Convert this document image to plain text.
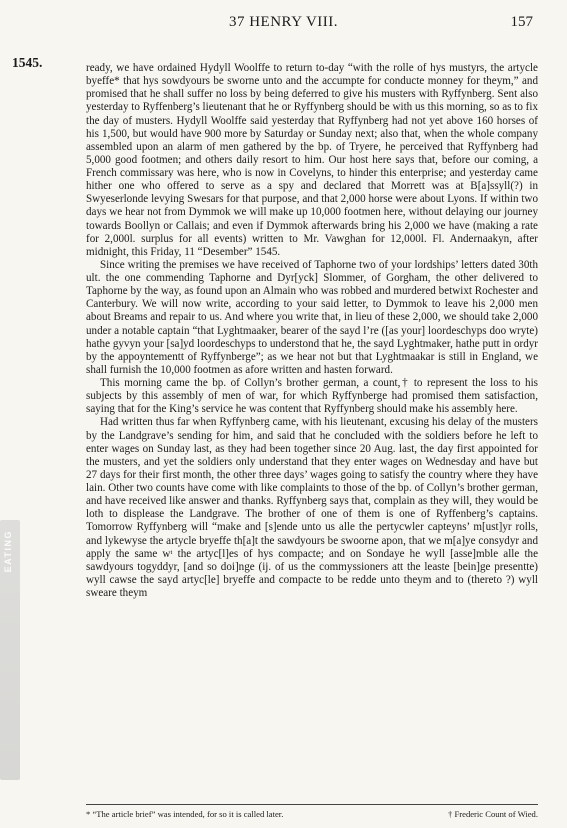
37 HENRY VIII.	157
1545.
EATING

ready, we have ordained Hydyll Woolffe to return to-day “with the rolle of hys mustyrs, the artycle byeffe* that hys sowdyours be sworne unto and the accumpte for conducte monney for theym,” and promised that he shall suffer no loss by being deferred to give his musters with Ryffynberg. Sent also yesterday to Ryffenberg’s lieutenant that he or Ryffynberg should be with us this morning, so as to fix the day of musters. Hydyll Woolffe said yesterday that Ryffynberg had not yet above 160 horses of his 1,500, but would have 900 more by Saturday or Sunday next; also that, when the whole company assembled upon an alarm of men gathered by the bp. of Tryere, he perceived that Ryffynberg had 5,000 good footmen; and others daily resort to him. Our host here says that, before our coming, a French commissary was here, who is now in Covelyns, to hinder this enterprise; and yesterday came hither one who offered to serve as a spy and declared that Morrett was at B[a]ssyll(?) in Swyeserlonde levying Swesars for that purpose, and that 2,000 horse were about Lyons. If within two days we hear not from Dymmok we will make up 10,000 footmen here, without delaying our journey towards Boollyn or Callais; and even if Dymmok afterwards bring his 2,000 we have (making a rate for 2,000l. surplus for all events) written to Mr. Vawghan for 12,000l. Fl. Andernaakyn, after midnight, this Friday, 11 “Desember” 1545.

Since writing the premises we have received of Taphorne two of your lordships’ letters dated 30th ult. the one commending Taphorne and Dyr[yck] Slommer, of Gorgham, the other delivered to Taphorne by the way, as found upon an Almain who was robbed and murdered betwixt Rochester and Canterbury. We will now write, according to your said letter, to Dymmok to leave his 2,000 men about Breams and repair to us. And where you write that, in lieu of these 2,000, we should take 2,000 under a notable captain “that Lyghtmaaker, bearer of the sayd l’re ([as your] loordeschyps doo wryte) hathe gyvyn your [sa]yd loordeschyps to understond that he, the sayd Lyghtmaker, hathe putt in ordyr by the appoyntementt of Ryffynberge”; as we hear not but that Lyghtmaakar is still in England, we shall furnish the 10,000 footmen as afore written and hasten forward.

This morning came the bp. of Collyn’s brother german, a count,† to represent the loss to his subjects by this assembly of men of war, for which Ryffynberge had promised them satisfaction, saying that for the King’s service he was content that Ryffynberg should make his assembly here.

Had written thus far when Ryffynberg came, with his lieutenant, excusing his delay of the musters by the Landgrave’s sending for him, and said that he concluded with the soldiers before he left to enter wages on Sunday last, as they had been together since 20 Aug. last, the day first appointed for the musters, and yet the soldiers only understand that they enter wages on Wednesday and have but 27 days for their first month, the other three days’ wages going to satisfy the country where they have lain. Other two counts have come with like complaints to those of the bp. of Collyn’s brother german, and have received like answer and thanks. Ryffynberg says that, complain as they will, they would be loth to displease the Landgrave. The brother of one of them is one of Ryffenberg’s captains. Tomorrow Ryffynberg will “make and [s]ende unto us alle the pertycwler capteyns’ m[ust]yr rolls, and lykewyse the artycle bryeffe th[a]t the sawdyours be swoorne apon, that we m[a]ye consydyr and apply the same wᵗ the artyc[l]es of hys compacte; and on Sondaye he wyll [asse]mble alle the sawdyours togyddyr, [and so doi]nge (ij. of us the commyssioners att the leaste [bein]ge presentte) wyll cawse the sayd artyc[le] bryeffe and compacte to be redde unto theym and to (thereto ?) wyll sweare theym

* “The article brief” was intended, for so it is called later.	† Frederic Count of Wied.
